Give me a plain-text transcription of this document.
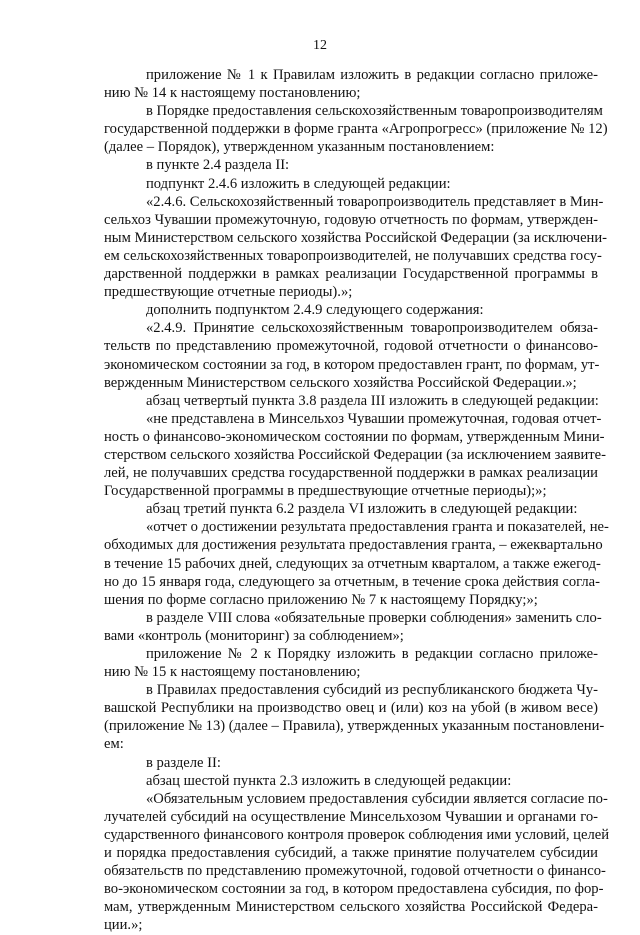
12
приложение № 1 к Правилам изложить в редакции согласно приложе-
нию № 14 к настоящему постановлению;
в Порядке предоставления сельскохозяйственным товаропроизводителям
государственной поддержки в форме гранта «Агропрогресс» (приложение № 12)
(далее – Порядок), утвержденном указанным постановлением:
в пункте 2.4 раздела II:
подпункт 2.4.6 изложить в следующей редакции:
«2.4.6. Сельскохозяйственный товаропроизводитель представляет в Мин-
сельхоз Чувашии промежуточную, годовую отчетность по формам, утвержден-
ным Министерством сельского хозяйства Российской Федерации (за исключени-
ем сельскохозяйственных товаропроизводителей, не получавших средства госу-
дарственной поддержки в рамках реализации Государственной программы в
предшествующие отчетные периоды).»;
дополнить подпунктом 2.4.9 следующего содержания:
«2.4.9. Принятие сельскохозяйственным товаропроизводителем обяза-
тельств по представлению промежуточной, годовой отчетности о финансово-
экономическом состоянии за год, в котором предоставлен грант, по формам, ут-
вержденным Министерством сельского хозяйства Российской Федерации.»;
абзац четвертый пункта 3.8 раздела III изложить в следующей редакции:
«не представлена в Минсельхоз Чувашии промежуточная, годовая отчет-
ность о финансово-экономическом состоянии по формам, утвержденным Мини-
стерством сельского хозяйства Российской Федерации (за исключением заявите-
лей, не получавших средства государственной поддержки в рамках реализации
Государственной программы в предшествующие отчетные периоды);»;
абзац третий пункта 6.2 раздела VI изложить в следующей редакции:
«отчет о достижении результата предоставления гранта и показателей, не-
обходимых для достижения результата предоставления гранта, – ежеквартально
в течение 15 рабочих дней, следующих за отчетным кварталом, а также ежегод-
но до 15 января года, следующего за отчетным, в течение срока действия согла-
шения по форме согласно приложению № 7 к настоящему Порядку;»;
в разделе VIII слова «обязательные проверки соблюдения» заменить сло-
вами «контроль (мониторинг) за соблюдением»;
приложение № 2 к Порядку изложить в редакции согласно приложе-
нию № 15 к настоящему постановлению;
в Правилах предоставления субсидий из республиканского бюджета Чу-
вашской Республики на производство овец и (или) коз на убой (в живом весе)
(приложение № 13) (далее – Правила), утвержденных указанным постановлени-
ем:
в разделе II:
абзац шестой пункта 2.3 изложить в следующей редакции:
«Обязательным условием предоставления субсидии является согласие по-
лучателей субсидий на осуществление Минсельхозом Чувашии и органами го-
сударственного финансового контроля проверок соблюдения ими условий, целей
и порядка предоставления субсидий, а также принятие получателем субсидии
обязательств по представлению промежуточной, годовой отчетности о финансо-
во-экономическом состоянии за год, в котором предоставлена субсидия, по фор-
мам, утвержденным Министерством сельского хозяйства Российской Федера-
ции.»;
